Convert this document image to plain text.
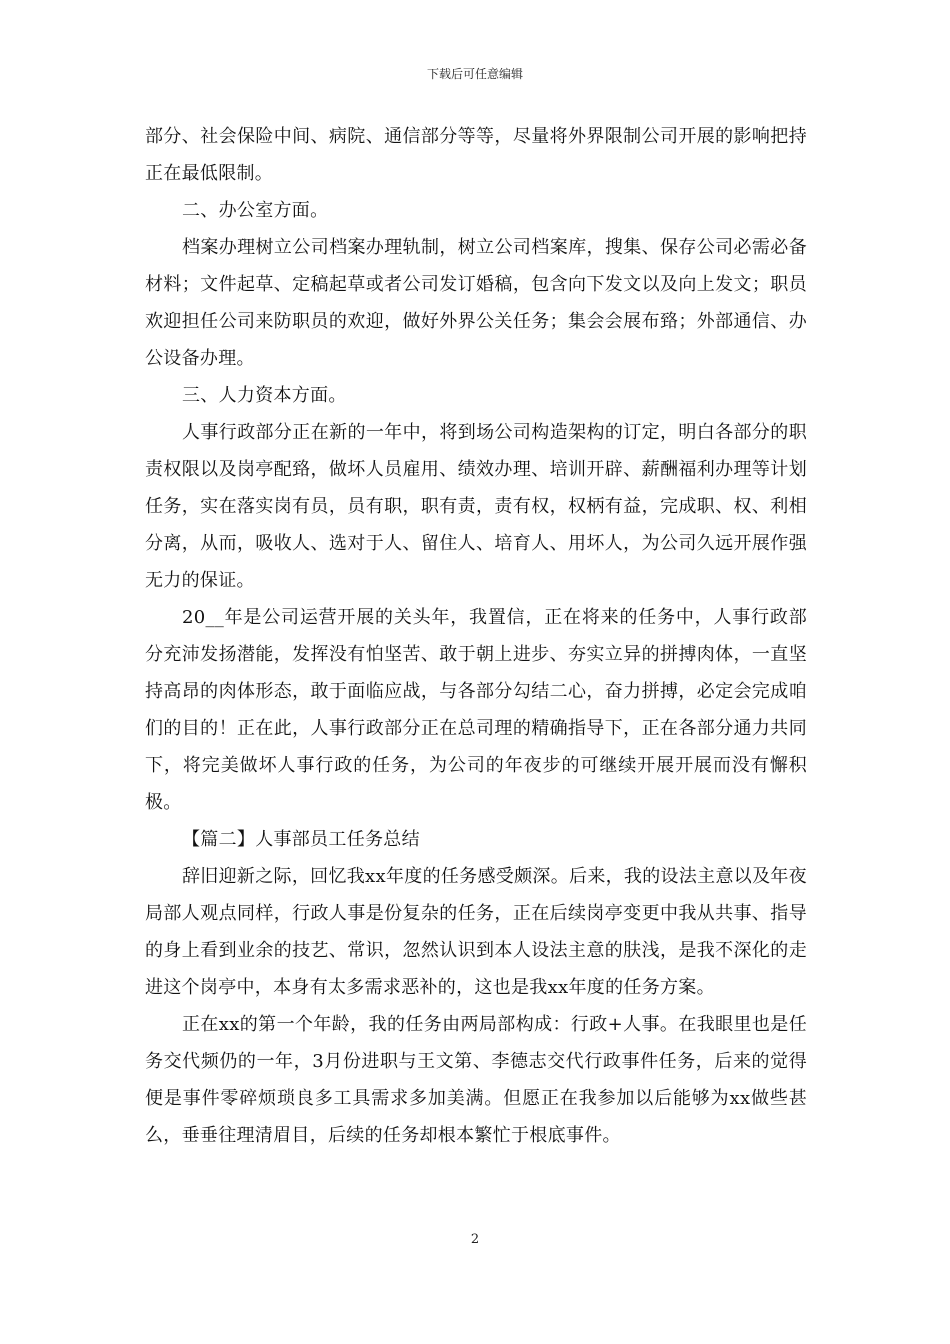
下载后可任意编辑

部分、社会保险中间、病院、通信部分等等，尽量将外界限制公司开展的影响把持正在最低限制。

二、办公室方面。

档案办理树立公司档案办理轨制，树立公司档案库，搜集、保存公司必需必备材料；文件起草、定稿起草或者公司发订婚稿，包含向下发文以及向上发文；职员欢迎担任公司来防职员的欢迎，做好外界公关任务；集会会展布臵；外部通信、办公设备办理。

三、人力资本方面。

人事行政部分正在新的一年中，将到场公司构造架构的订定，明白各部分的职责权限以及岗亭配臵，做坏人员雇用、绩效办理、培训开辟、薪酬福利办理等计划任务，实在落实岗有员，员有职，职有责，责有权，权柄有益，完成职、权、利相分离，从而，吸收人、选对于人、留住人、培育人、用坏人，为公司久远开展作强无力的保证。

20__年是公司运营开展的关头年，我置信，正在将来的任务中，人事行政部分充沛发扬潜能，发挥没有怕坚苦、敢于朝上进步、夯实立异的拼搏肉体，一直坚持高昂的肉体形态，敢于面临应战，与各部分勾结二心，奋力拼搏，必定会完成咱们的目的！正在此，人事行政部分正在总司理的精确指导下，正在各部分通力共同下，将完美做坏人事行政的任务，为公司的年夜步的可继续开展开展而没有懈积极。

【篇二】人事部员工任务总结

辞旧迎新之际，回忆我xx年度的任务感受颇深。后来，我的设法主意以及年夜局部人观点同样，行政人事是份复杂的任务，正在后续岗亭变更中我从共事、指导的身上看到业余的技艺、常识，忽然认识到本人设法主意的肤浅，是我不深化的走进这个岗亭中，本身有太多需求恶补的，这也是我xx年度的任务方案。

正在xx的第一个年龄，我的任务由两局部构成：行政+人事。在我眼里也是任务交代频仍的一年，3月份进职与王文第、李德志交代行政事件任务，后来的觉得便是事件零碎烦琐良多工具需求多加美满。但愿正在我参加以后能够为xx做些甚么，垂垂往理清眉目，后续的任务却根本繁忙于根底事件。

2
